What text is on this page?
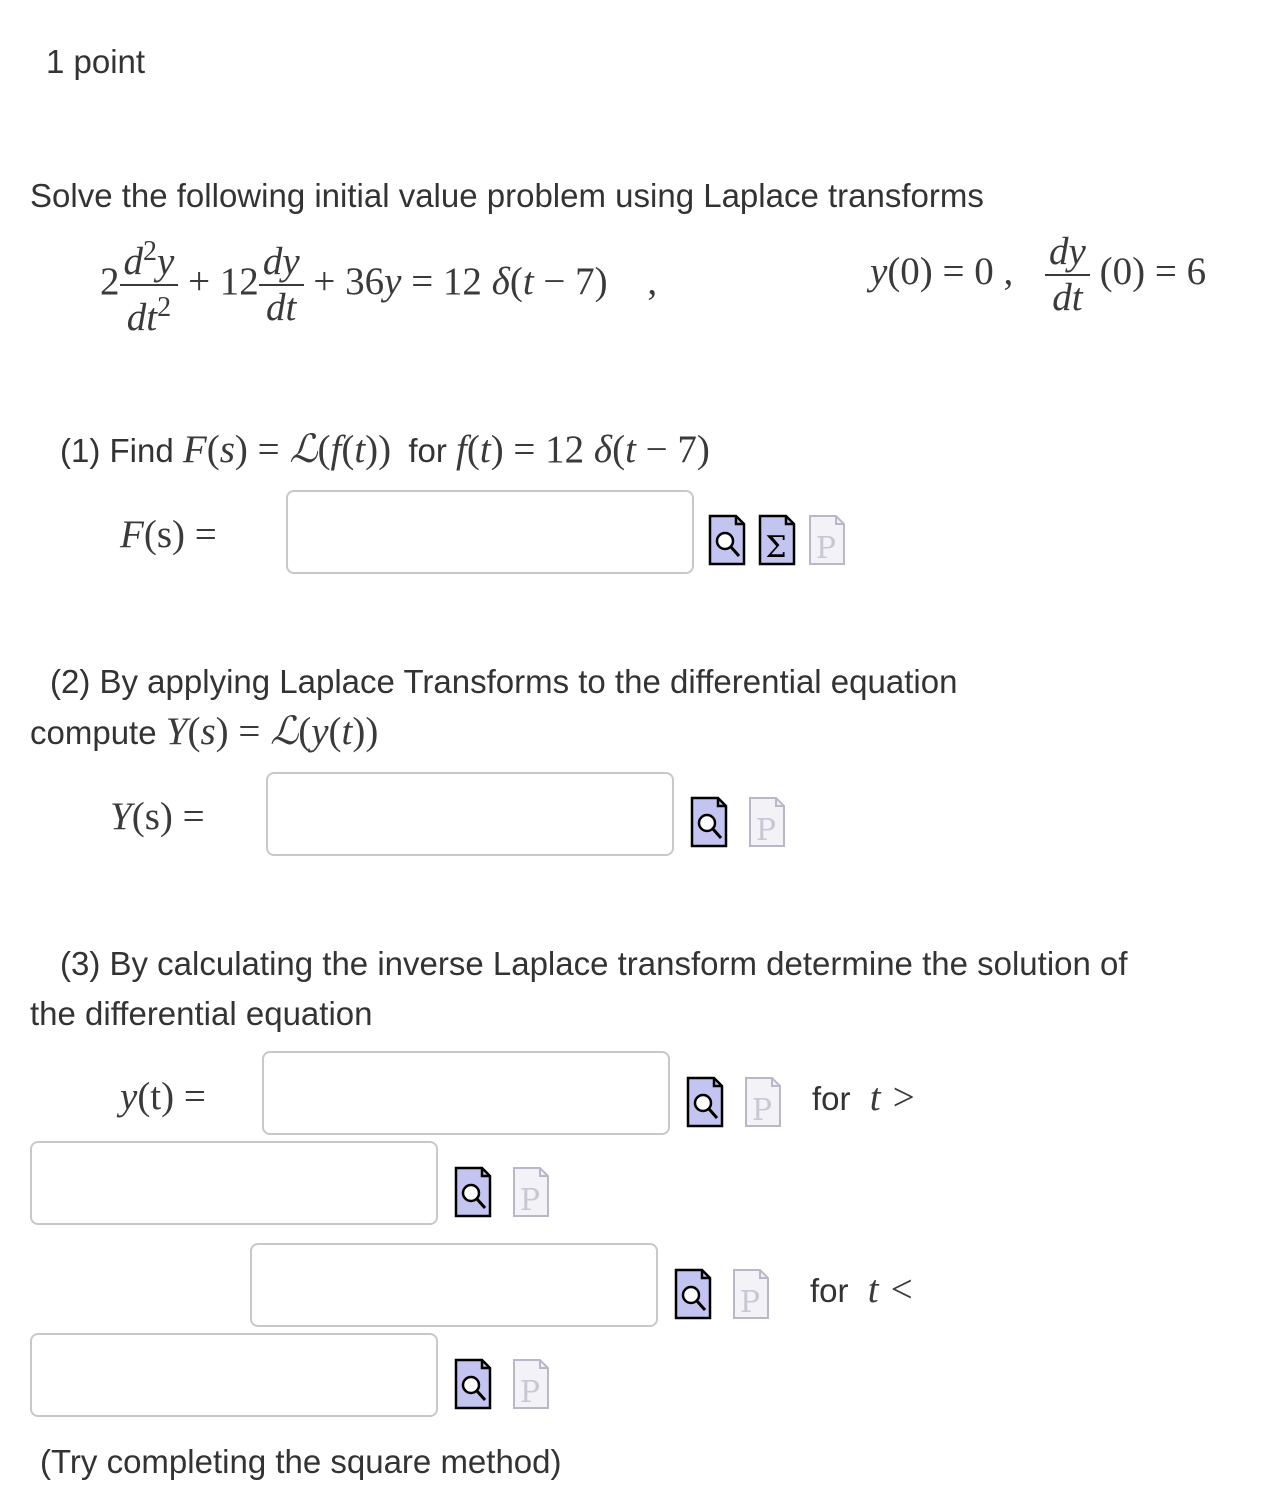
1 point
Solve the following initial value problem using Laplace transforms
$2 \frac{d^2y}{dt^2} + 12 \frac{dy}{dt} + 36y = 12$ δ(t − 7) ,	y(0) = 0 , $\frac{dy}{dt} (0) = 6$
(1) Find F(s) = ℒ(f(t)) for f(t) = 12 δ(t − 7)
F(s) =	Σ P
(2) By applying Laplace Transforms to the differential equation
compute Y(s) = ℒ(y(t))
Y(s) =	P
(3) By calculating the inverse Laplace transform determine the solution of
the differential equation
y(t) =	P for t >
P
P for t <
P
(Try completing the square method)
